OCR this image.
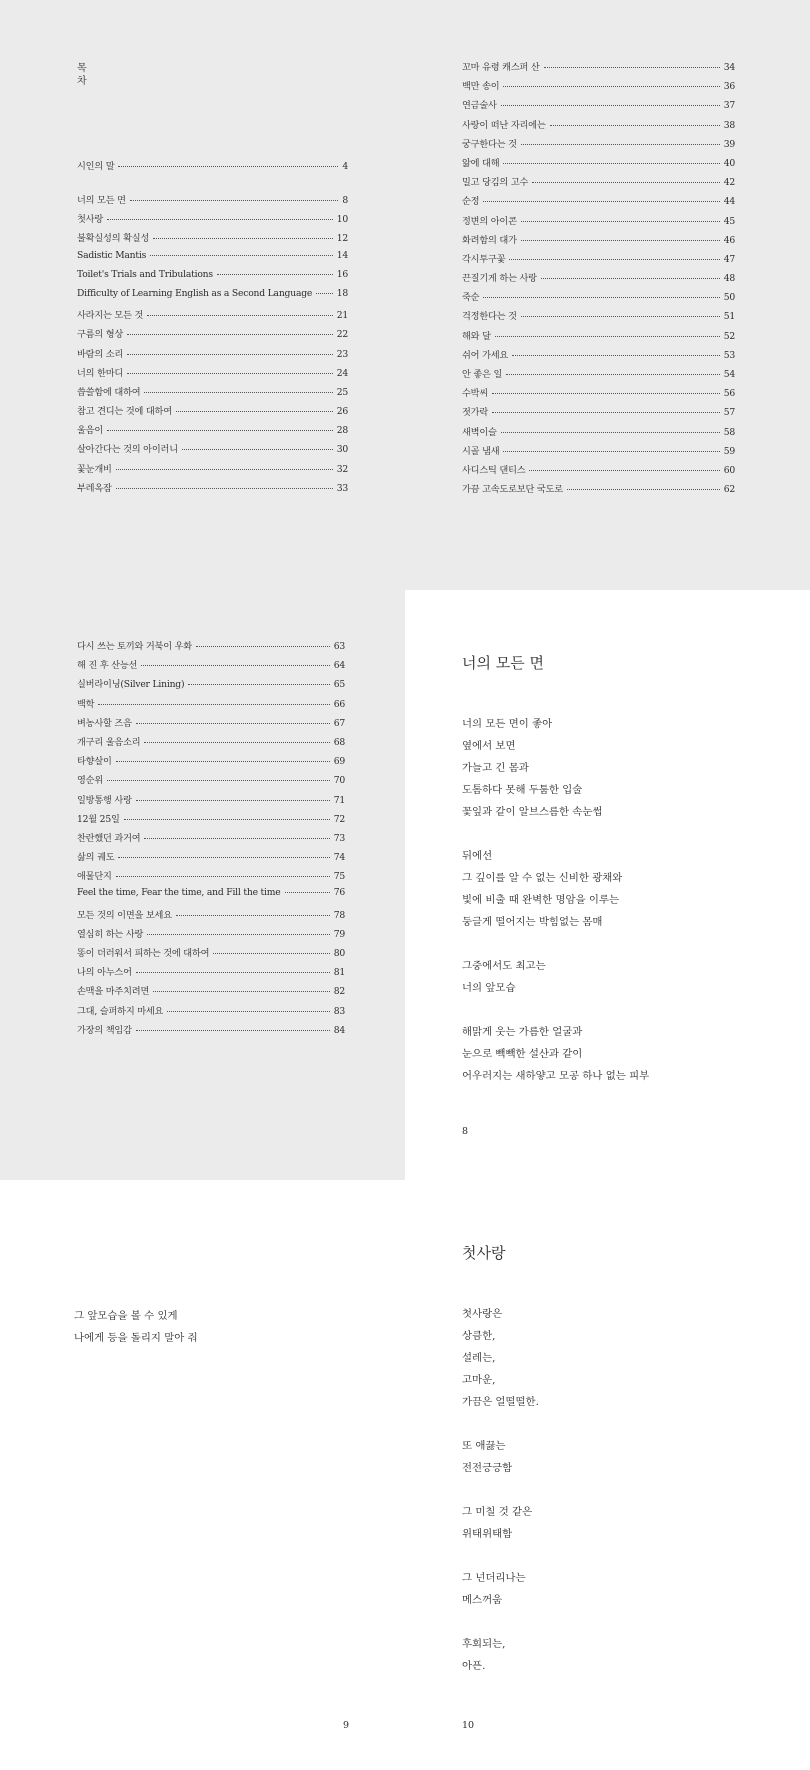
목차
시인의 말	4
너의 모든 면	8
첫사랑	10
불확실성의 확실성	12
Sadistic Mantis	14
Toilet's Trials and Tribulations	16
Difficulty of Learning English as a Second Language	18
사라지는 모든 것	21
구름의 형상	22
바람의 소리	23
너의 한마디	24
씁쓸함에 대하여	25
참고 견디는 것에 대하여	26
울음이	28
살아간다는 것의 아이러니	30
꽃눈개비	32
부레옥잠	33
꼬마 유령 캐스퍼 산	34
백만 송이	36
연금술사	37
사랑이 떠난 자리에는	38
궁구한다는 것	39
앎에 대해	40
밀고 당김의 고수	42
순정	44
정변의 아이콘	45
화려함의 대가	46
각시투구꽃	47
끈질기게 하는 사랑	48
죽순	50
걱정한다는 것	51
해와 달	52
쉬어 가세요	53
안 좋은 일	54
수박씨	56
젓가락	57
새벽이슬	58
시골 냄새	59
사디스틱 댄티스	60
가끔 고속도로보단 국도로	62
다시 쓰는 토끼와 거북이 우화	63
해 진 후 산능선	64
실버라이닝(Silver Lining)	65
백학	66
벼농사할 즈음	67
개구리 울음소리	68
타향살이	69
영순위	70
일방통행 사랑	71
12월 25일	72
찬란했던 과거여	73
삶의 궤도	74
애물단지	75
Feel the time, Fear the time, and Fill the time	76
모든 것의 이면을 보세요	78
열심히 하는 사랑	79
똥이 더러워서 피하는 것에 대하여	80
나의 아누스어	81
손맥을 마주치려면	82
그대, 슬퍼하지 마세요	83
가장의 책임감	84
너의 모든 면
너의 모든 면이 좋아
옆에서 보면
가늘고 긴 몸과
도톰하다 못해 두툼한 입술
꽃잎과 같이 알브스름한 속눈썹
뒤에선
그 깊이를 알 수 없는 신비한 광채와
빛에 비출 때 완벽한 명암을 이루는
둥글게 떨어지는 박힘없는 몸매
그중에서도 최고는
너의 앞모습
해맑게 웃는 가름한 얼굴과
눈으로 빽빽한 설산과 같이
어우러지는 새하얗고 모공 하나 없는 피부
8
그 앞모습을 볼 수 있게
나에게 등을 돌리지 말아 줘
9
첫사랑
첫사랑은
상큼한,
설레는,
고마운,
가끔은 얼떨떨한.
또 애끓는
전전긍긍함
그 미칠 것 같은
위태위태함
그 넌더리나는
메스꺼움
후회되는,
아픈.
10
